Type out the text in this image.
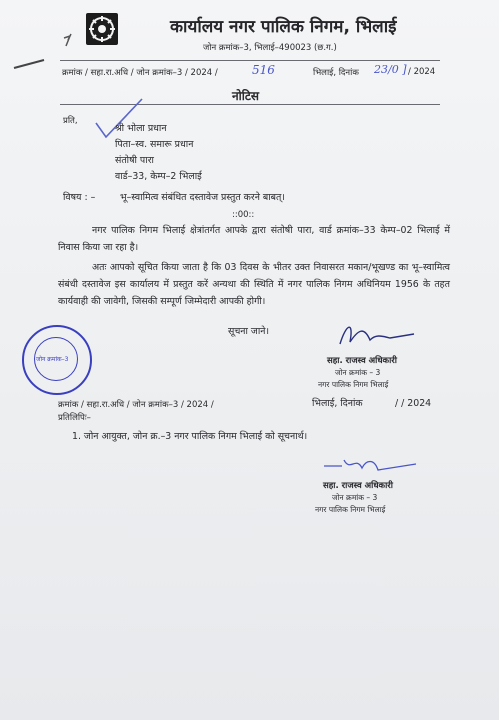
कार्यालय नगर पालिक निगम, भिलाई
जोन क्रमांक–3, भिलाई–490023 (छ.ग.)
क्रमांक / सहा.रा.अधि / जोन क्रमांक–3 / 2024 /	516	भिलाई, दिनांक 23/0 ] / 2024
नोटिस
प्रति,
श्री भोला प्रधान
पिता–स्व. समारू प्रधान
संतोषी पारा
वार्ड–33, केम्प–2 भिलाई
विषय : –	भू–स्वामित्व संबंधित दस्तावेज प्रस्तुत करने बाबत्।
::00::
नगर पालिक निगम भिलाई क्षेत्रांतर्गत आपके द्वारा संतोषी पारा, वार्ड क्रमांक–33 केम्प–02 भिलाई में निवास किया जा रहा है।
अतः आपको सूचित किया जाता है कि 03 दिवस के भीतर उक्त निवासरत मकान/भूखण्ड का भू–स्वामित्व संबंधी दस्तावेज इस कार्यालय में प्रस्तुत करें अन्यथा की स्थिति में नगर पालिक निगम अधिनियम 1956 के तहत कार्यवाही की जावेगी, जिसकी सम्पूर्ण जिम्मेदारी आपकी होगी।
सूचना जाने।
सहा. राजस्व अधिकारी
जोन क्रमांक – 3
नगर पालिक निगम भिलाई
जोन क्रमांक–3
क्रमांक / सहा.रा.अधि / जोन क्रमांक–3 / 2024 /	भिलाई, दिनांक	/ / 2024
प्रतिलिपिः–
1. जोन आयुक्त, जोन क्र.–3 नगर पालिक निगम भिलाई को सूचनार्थ।
सहा. राजस्व अधिकारी
जोन क्रमांक – 3
नगर पालिक निगम भिलाई
